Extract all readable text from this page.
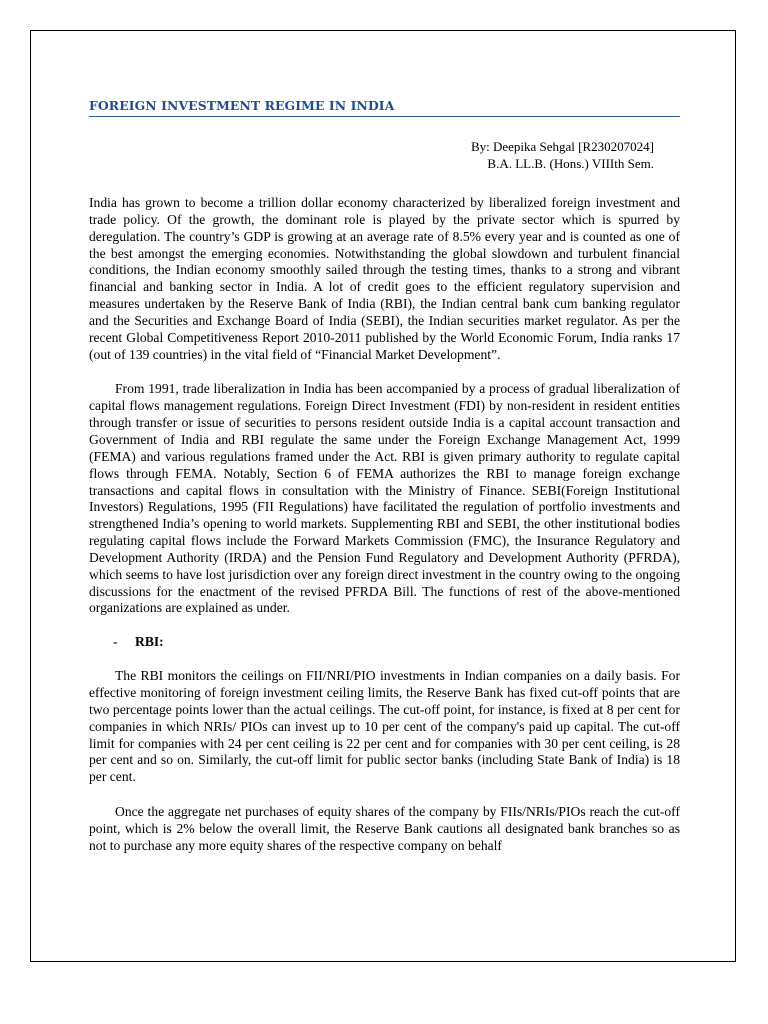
FOREIGN INVESTMENT REGIME IN INDIA
By: Deepika Sehgal [R230207024]
B.A. LL.B. (Hons.) VIIIth Sem.

India has grown to become a trillion dollar economy characterized by liberalized foreign investment and trade policy. Of the growth, the dominant role is played by the private sector which is spurred by deregulation. The country’s GDP is growing at an average rate of 8.5% every year and is counted as one of the best amongst the emerging economies. Notwithstanding the global slowdown and turbulent financial conditions, the Indian economy smoothly sailed through the testing times, thanks to a strong and vibrant financial and banking sector in India. A lot of credit goes to the efficient regulatory supervision and measures undertaken by the Reserve Bank of India (RBI), the Indian central bank cum banking regulator and the Securities and Exchange Board of India (SEBI), the Indian securities market regulator. As per the recent Global Competitiveness Report 2010-2011 published by the World Economic Forum, India ranks 17 (out of 139 countries) in the vital field of “Financial Market Development”.

From 1991, trade liberalization in India has been accompanied by a process of gradual liberalization of capital flows management regulations. Foreign Direct Investment (FDI) by non-resident in resident entities through transfer or issue of securities to persons resident outside India is a capital account transaction and Government of India and RBI regulate the same under the Foreign Exchange Management Act, 1999 (FEMA) and various regulations framed under the Act. RBI is given primary authority to regulate capital flows through FEMA. Notably, Section 6 of FEMA authorizes the RBI to manage foreign exchange transactions and capital flows in consultation with the Ministry of Finance. SEBI(Foreign Institutional Investors) Regulations, 1995 (FII Regulations) have facilitated the regulation of portfolio investments and strengthened India’s opening to world markets. Supplementing RBI and SEBI, the other institutional bodies regulating capital flows include the Forward Markets Commission (FMC), the Insurance Regulatory and Development Authority (IRDA) and the Pension Fund Regulatory and Development Authority (PFRDA), which seems to have lost jurisdiction over any foreign direct investment in the country owing to the ongoing discussions for the enactment of the revised PFRDA Bill. The functions of rest of the above-mentioned organizations are explained as under.

- RBI:

The RBI monitors the ceilings on FII/NRI/PIO investments in Indian companies on a daily basis. For effective monitoring of foreign investment ceiling limits, the Reserve Bank has fixed cut-off points that are two percentage points lower than the actual ceilings. The cut-off point, for instance, is fixed at 8 per cent for companies in which NRIs/ PIOs can invest up to 10 per cent of the company's paid up capital. The cut-off limit for companies with 24 per cent ceiling is 22 per cent and for companies with 30 per cent ceiling, is 28 per cent and so on. Similarly, the cut-off limit for public sector banks (including State Bank of India) is 18 per cent.

Once the aggregate net purchases of equity shares of the company by FIIs/NRIs/PIOs reach the cut-off point, which is 2% below the overall limit, the Reserve Bank cautions all designated bank branches so as not to purchase any more equity shares of the respective company on behalf
